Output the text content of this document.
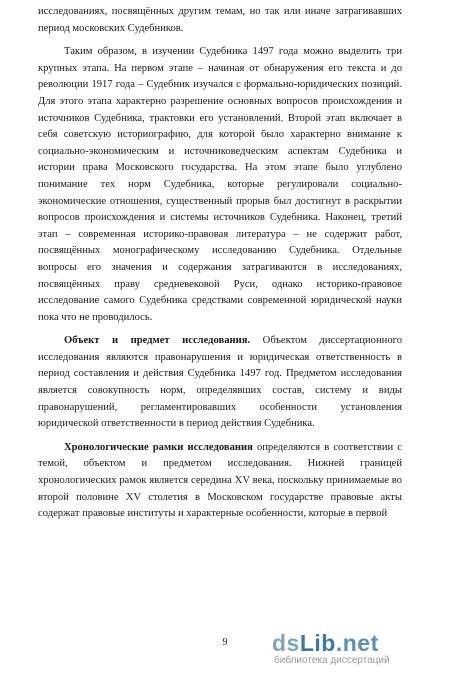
исследованиях, посвящённых другим темам, но так или иначе затрагивавших период московских Судебников.

Таким образом, в изучении Судебника 1497 года можно выделить три крупных этапа. На первом этапе – начиная от обнаружения его текста и до революции 1917 года – Судебник изучался с формально-юридических позиций. Для этого этапа характерно разрешение основных вопросов происхождения и источников Судебника, трактовки его установлений. Второй этап включает в себя советскую историографию, для которой было характерно внимание к социально-экономическим и источниковедческим аспектам Судебника и истории права Московского государства. На этом этапе было углублено понимание тех норм Судебника, которые регулировали социально-экономические отношения, существенный прорыв был достигнут в раскрытии вопросов происхождения и системы источников Судебника. Наконец, третий этап – современная историко-правовая литература – не содержит работ, посвящённых монографическому исследованию Судебника. Отдельные вопросы его значения и содержания затрагиваются в исследованиях, посвящённых праву средневековой Руси, однако историко-правовое исследование самого Судебника средствами современной юридической науки пока что не проводилось.

Объект и предмет исследования. Объектом диссертационного исследования являются правонарушения и юридическая ответственность в период составления и действия Судебника 1497 год. Предметом исследования является совокупность норм, определявших состав, систему и виды правонарушений, регламентировавших особенности установления юридической ответственности в период действия Судебника.

Хронологические рамки исследования определяются в соответствии с темой, объектом и предметом исследования. Нижней границей хронологических рамок является середина XV века, поскольку принимаемые во второй половине XV столетия в Московском государстве правовые акты содержат правовые институты и характерные особенности, которые в первой

9	dsLib.net
библиотека диссертаций
